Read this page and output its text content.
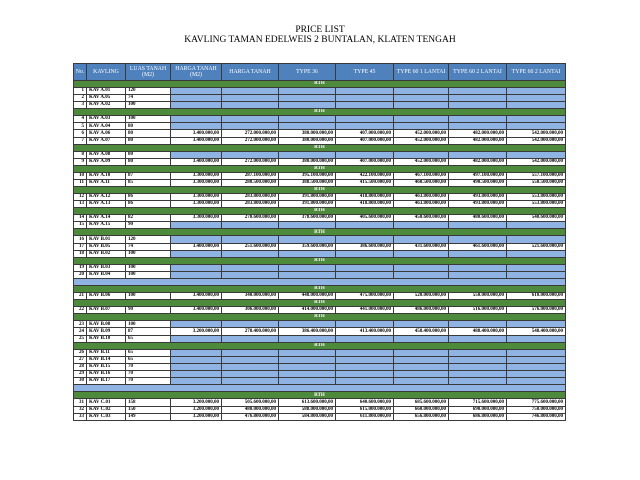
PRICE LIST
KAVLING TAMAN EDELWEIS 2 BUNTALAN, KLATEN TENGAH
No.	KAVLING	LUAS TANAH (M2)	HARGA TANAH (M2)	HARGA TANAH	TYPE 36	TYPE 45	TYPE 60 1 LANTAI	TYPE 60 2 LANTAI	TYPE 60 2 LANTAI
RTH									
1	KAV A.01	120							
2	KAV A.05	74							
3	KAV A.02	100							
RTH									
4	KAV A.03	100							
5	KAV A.04	80							
6	KAV A.06	80	3.400.000,00	272.000.000,00	380.000.000,00	407.000.000,00	452.000.000,00	482.000.000,00	542.000.000,00
7	KAV A.07	80	3.400.000,00	272.000.000,00	380.000.000,00	407.000.000,00	452.000.000,00	482.000.000,00	542.000.000,00
RTH									
8	KAV A.08	80							
9	KAV A.09	80	3.400.000,00	272.000.000,00	380.000.000,00	407.000.000,00	452.000.000,00	482.000.000,00	542.000.000,00
RTH									
10	KAV A.10	87	3.300.000,00	287.100.000,00	395.100.000,00	422.100.000,00	467.100.000,00	497.100.000,00	557.100.000,00
11	KAV A.11	85	3.300.000,00	280.500.000,00	388.500.000,00	415.500.000,00	460.500.000,00	490.500.000,00	550.500.000,00
RTH									
12	KAV A.12	86	3.300.000,00	283.800.000,00	391.800.000,00	418.800.000,00	463.800.000,00	493.800.000,00	553.800.000,00
13	KAV A.13	86	3.300.000,00	283.800.000,00	391.800.000,00	418.800.000,00	463.800.000,00	493.800.000,00	553.800.000,00
RTH									
14	KAV A.14	82	3.300.000,00	270.600.000,00	378.600.000,00	405.600.000,00	450.600.000,00	480.600.000,00	540.600.000,00
15	KAV A.15	90							
RTH									
16	KAV B.01	120							
17	KAV B.05	74	3.400.000,00	251.600.000,00	359.600.000,00	386.600.000,00	431.600.000,00	461.600.000,00	521.600.000,00
18	KAV B.02	100							
RTH									
19	KAV B.03	100							
20	KAV B.04	100							

RTH									
21	KAV B.06	100	3.400.000,00	340.000.000,00	448.000.000,00	475.000.000,00	520.000.000,00	550.000.000,00	610.000.000,00
RTH									
22	KAV B.07	90	3.400.000,00	306.000.000,00	414.000.000,00	441.000.000,00	486.000.000,00	516.000.000,00	576.000.000,00
RTH									
23	KAV B.08	100							
24	KAV B.09	87	3.200.000,00	278.400.000,00	386.400.000,00	413.400.000,00	458.400.000,00	488.400.000,00	548.400.000,00
25	KAV B.10	65							
RTH									
26	KAV B.11	65							
27	KAV B.14	65							
28	KAV B.15	70							
29	KAV B.16	70							
30	KAV B.17	70							

RTH									
31	KAV C.01	158	3.200.000,00	505.600.000,00	613.600.000,00	640.600.000,00	685.600.000,00	715.600.000,00	775.600.000,00
32	KAV C.02	150	3.200.000,00	480.000.000,00	588.000.000,00	615.000.000,00	660.000.000,00	690.000.000,00	750.000.000,00
33	KAV C.03	149	3.200.000,00	476.800.000,00	584.800.000,00	611.800.000,00	656.800.000,00	686.800.000,00	746.800.000,00
